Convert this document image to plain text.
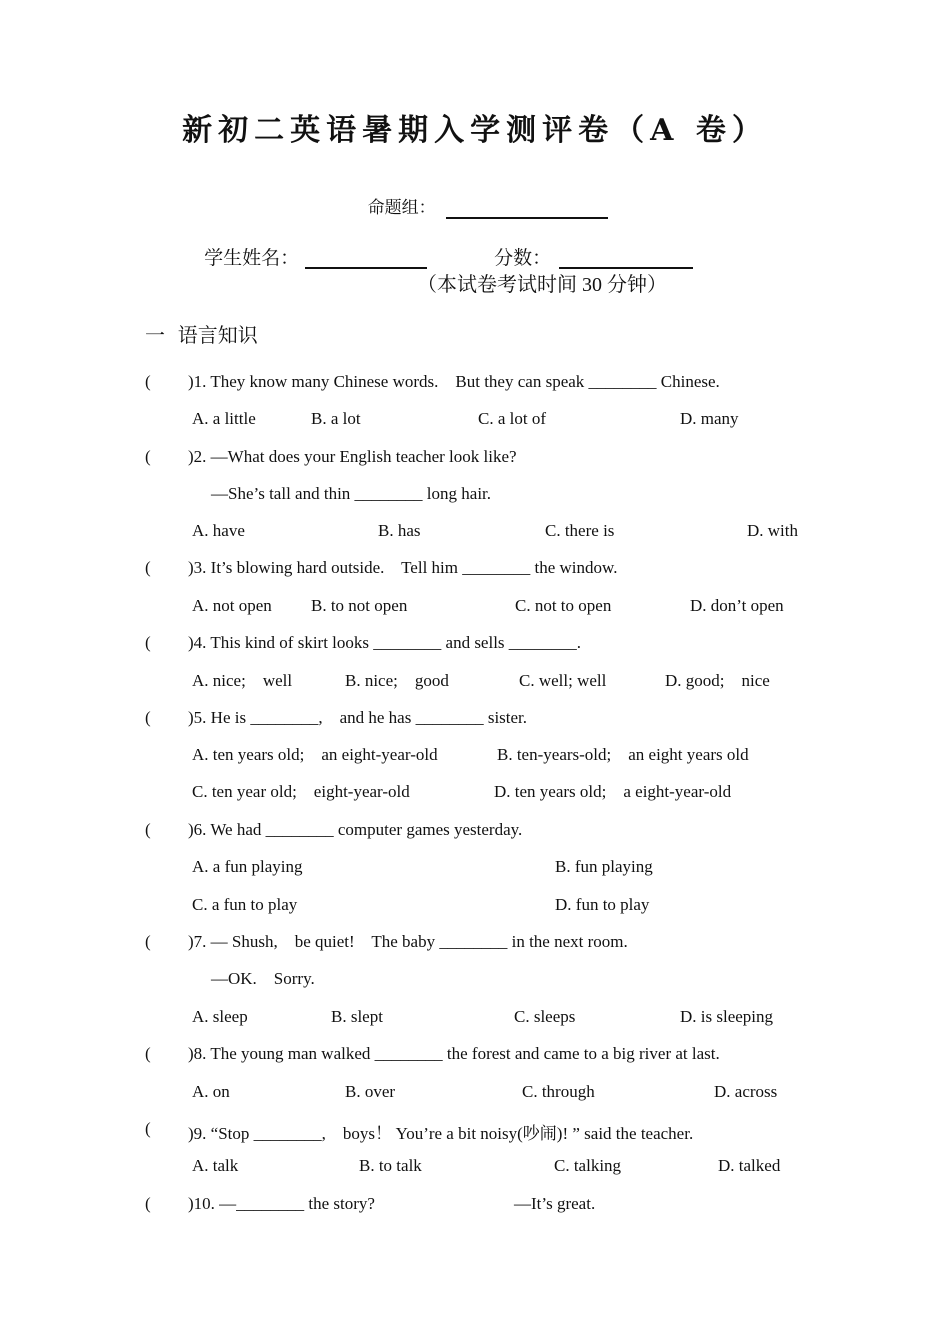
新初二英语暑期入学测评卷（A 卷）

命题组：

学生姓名：
	分数：

（本试卷考试时间 30 分钟）
一  语言知识
( )1. They know many Chinese words.    But they can speak ________ Chinese.
A. a little	B. a lot	C. a lot of	D. many
( )2. —What does your English teacher look like?
—She’s tall and thin ________ long hair.
A. have	B. has	C. there is	D. with
( )3. It’s blowing hard outside.    Tell him ________ the window.
A. not open B. to not open	C. not to open	D. don’t open
( )4. This kind of skirt looks ________ and sells ________.
A. nice;    well	B. nice;    good	C. well; well	D. good;    nice
( )5. He is ________,    and he has ________ sister.
A. ten years old;    an eight-year-old	B. ten-years-old;    an eight years old
C. ten year old;    eight-year-old	D. ten years old;    a eight-year-old
( )6. We had ________ computer games yesterday.
A. a fun playing	B. fun playing
C. a fun to play	D. fun to play
( )7. — Shush,    be quiet!    The baby ________ in the next room.
—OK.    Sorry.
A. sleep	B. slept	C. sleeps	D. is sleeping
( )8. The young man walked ________ the forest and came to a big river at last.
A. on	B. over	C. through	D. across
( )9. “Stop ________,    boys！ You’re a bit noisy(吵闹)! ” said the teacher.
A. talk	B. to talk	C. talking	D. talked
( )10. —________ the story?	—It’s great.
